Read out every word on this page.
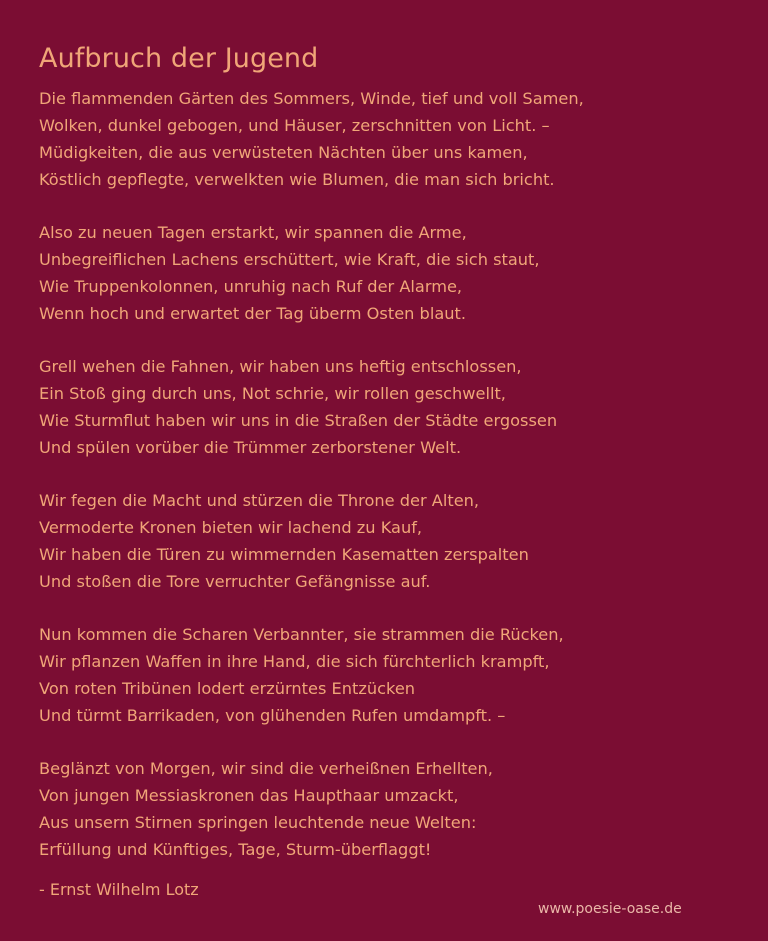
Aufbruch der Jugend

Die flammenden Gärten des Sommers, Winde, tief und voll Samen,
Wolken, dunkel gebogen, und Häuser, zerschnitten von Licht. –
Müdigkeiten, die aus verwüsteten Nächten über uns kamen,
Köstlich gepflegte, verwelkten wie Blumen, die man sich bricht.

Also zu neuen Tagen erstarkt, wir spannen die Arme,
Unbegreiflichen Lachens erschüttert, wie Kraft, die sich staut,
Wie Truppenkolonnen, unruhig nach Ruf der Alarme,
Wenn hoch und erwartet der Tag überm Osten blaut.

Grell wehen die Fahnen, wir haben uns heftig entschlossen,
Ein Stoß ging durch uns, Not schrie, wir rollen geschwellt,
Wie Sturmflut haben wir uns in die Straßen der Städte ergossen
Und spülen vorüber die Trümmer zerborstener Welt.

Wir fegen die Macht und stürzen die Throne der Alten,
Vermoderte Kronen bieten wir lachend zu Kauf,
Wir haben die Türen zu wimmernden Kasematten zerspalten
Und stoßen die Tore verruchter Gefängnisse auf.

Nun kommen die Scharen Verbannter, sie strammen die Rücken,
Wir pflanzen Waffen in ihre Hand, die sich fürchterlich krampft,
Von roten Tribünen lodert erzürntes Entzücken
Und türmt Barrikaden, von glühenden Rufen umdampft. –

Beglänzt von Morgen, wir sind die verheißnen Erhellten,
Von jungen Messiaskronen das Haupthaar umzackt,
Aus unsern Stirnen springen leuchtende neue Welten:
Erfüllung und Künftiges, Tage, Sturm-überflaggt!

- Ernst Wilhelm Lotz
www.poesie-oase.de
